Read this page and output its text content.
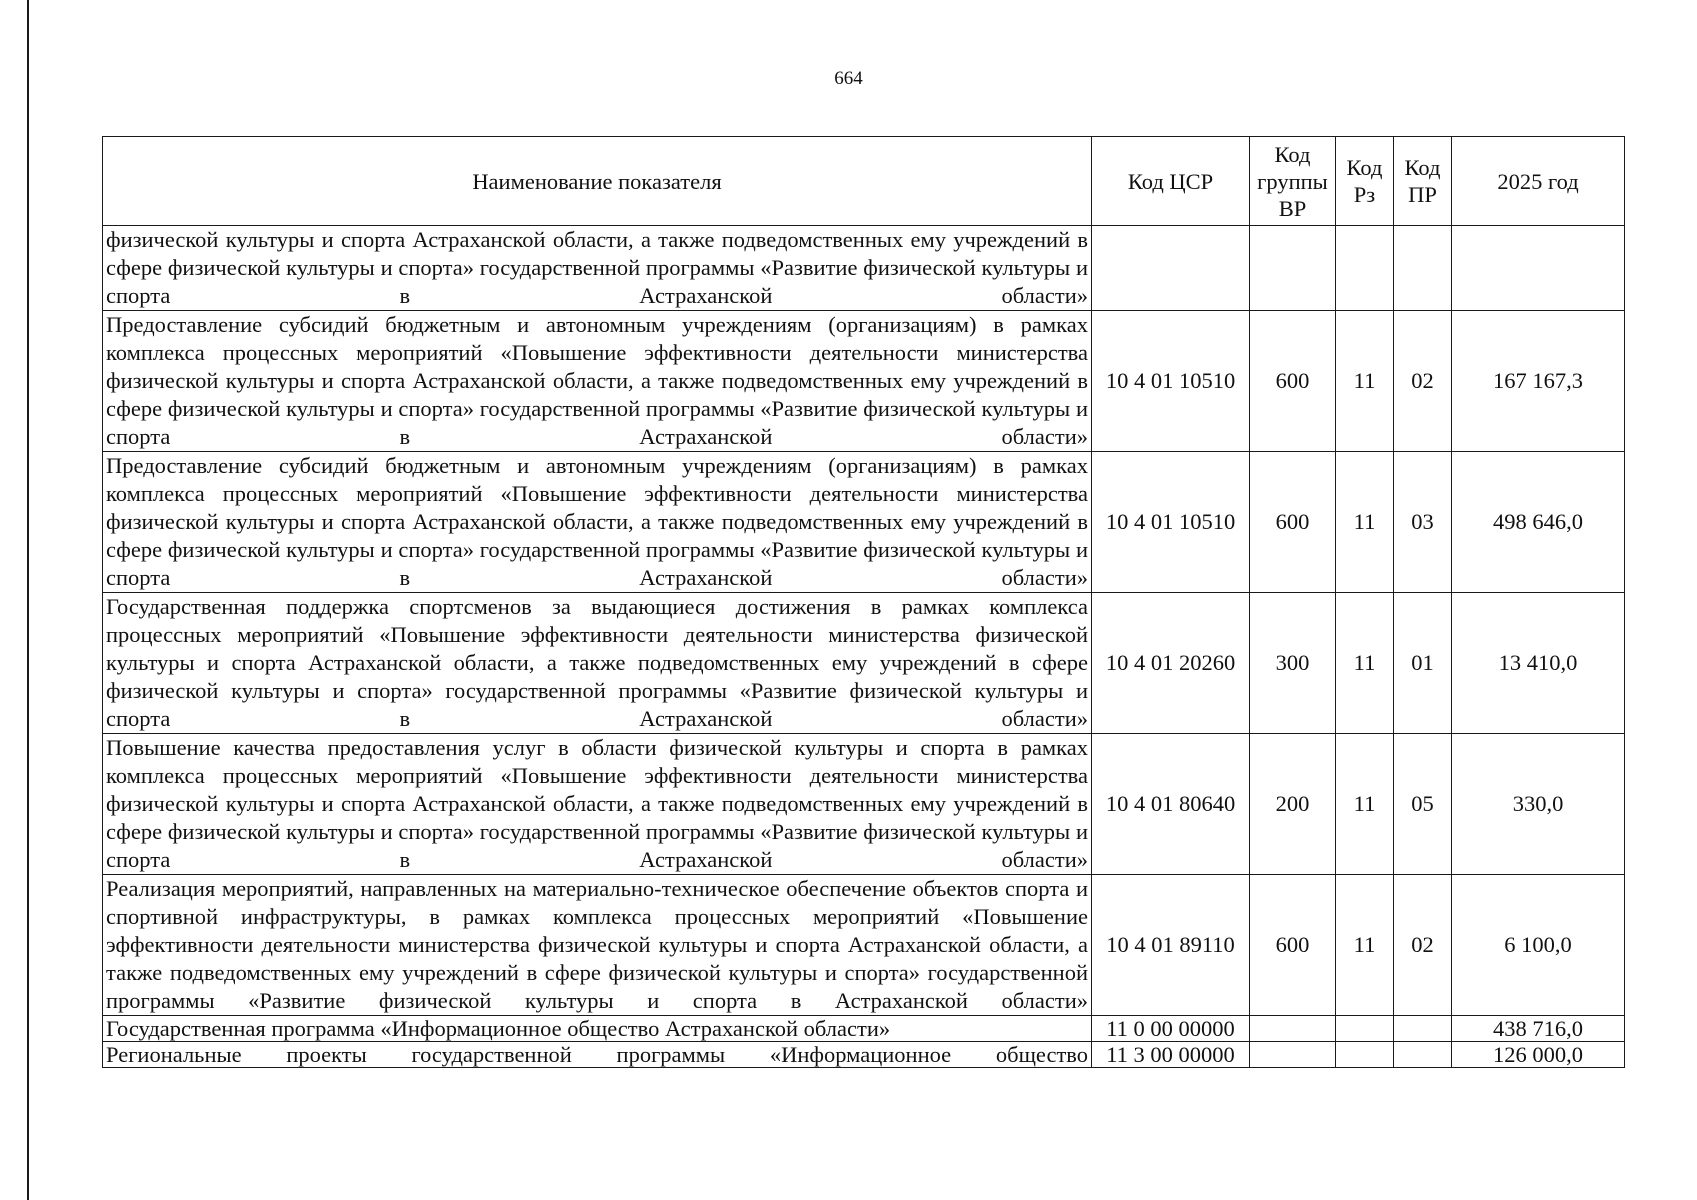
664
Наименование показателя	Код ЦСР	Код группы ВР	Код Рз	Код ПР	2025 год
физической культуры и спорта Астраханской области, а также подведомственных ему учреждений в сфере физической культуры и спорта» государственной программы «Развитие физической культуры и спорта в Астраханской области»					
Предоставление субсидий бюджетным и автономным учреждениям (организациям) в рамках комплекса процессных мероприятий «Повышение эффективности деятельности министерства физической культуры и спорта Астраханской области, а также подведомственных ему учреждений в сфере физической культуры и спорта» государственной программы «Развитие физической культуры и спорта в Астраханской области»	10 4 01 10510	600	11	02	167 167,3
Предоставление субсидий бюджетным и автономным учреждениям (организациям) в рамках комплекса процессных мероприятий «Повышение эффективности деятельности министерства физической культуры и спорта Астраханской области, а также подведомственных ему учреждений в сфере физической культуры и спорта» государственной программы «Развитие физической культуры и спорта в Астраханской области»	10 4 01 10510	600	11	03	498 646,0
Государственная поддержка спортсменов за выдающиеся достижения в рамках комплекса процессных мероприятий «Повышение эффективности деятельности министерства физической культуры и спорта Астраханской области, а также подведомственных ему учреждений в сфере физической культуры и спорта» государственной программы «Развитие физической культуры и спорта в Астраханской области»	10 4 01 20260	300	11	01	13 410,0
Повышение качества предоставления услуг в области физической культуры и спорта в рамках комплекса процессных мероприятий «Повышение эффективности деятельности министерства физической культуры и спорта Астраханской области, а также подведомственных ему учреждений в сфере физической культуры и спорта» государственной программы «Развитие физической культуры и спорта в Астраханской области»	10 4 01 80640	200	11	05	330,0
Реализация мероприятий, направленных на материально-техническое обеспечение объектов спорта и спортивной инфраструктуры, в рамках комплекса процессных мероприятий «Повышение эффективности деятельности министерства физической культуры и спорта Астраханской области, а также подведомственных ему учреждений в сфере физической культуры и спорта» государственной программы «Развитие физической культуры и спорта в Астраханской области»	10 4 01 89110	600	11	02	6 100,0
Государственная программа «Информационное общество Астраханской области»	11 0 00 00000				438 716,0
Региональные проекты государственной программы «Информационное общество	11 3 00 00000				126 000,0
